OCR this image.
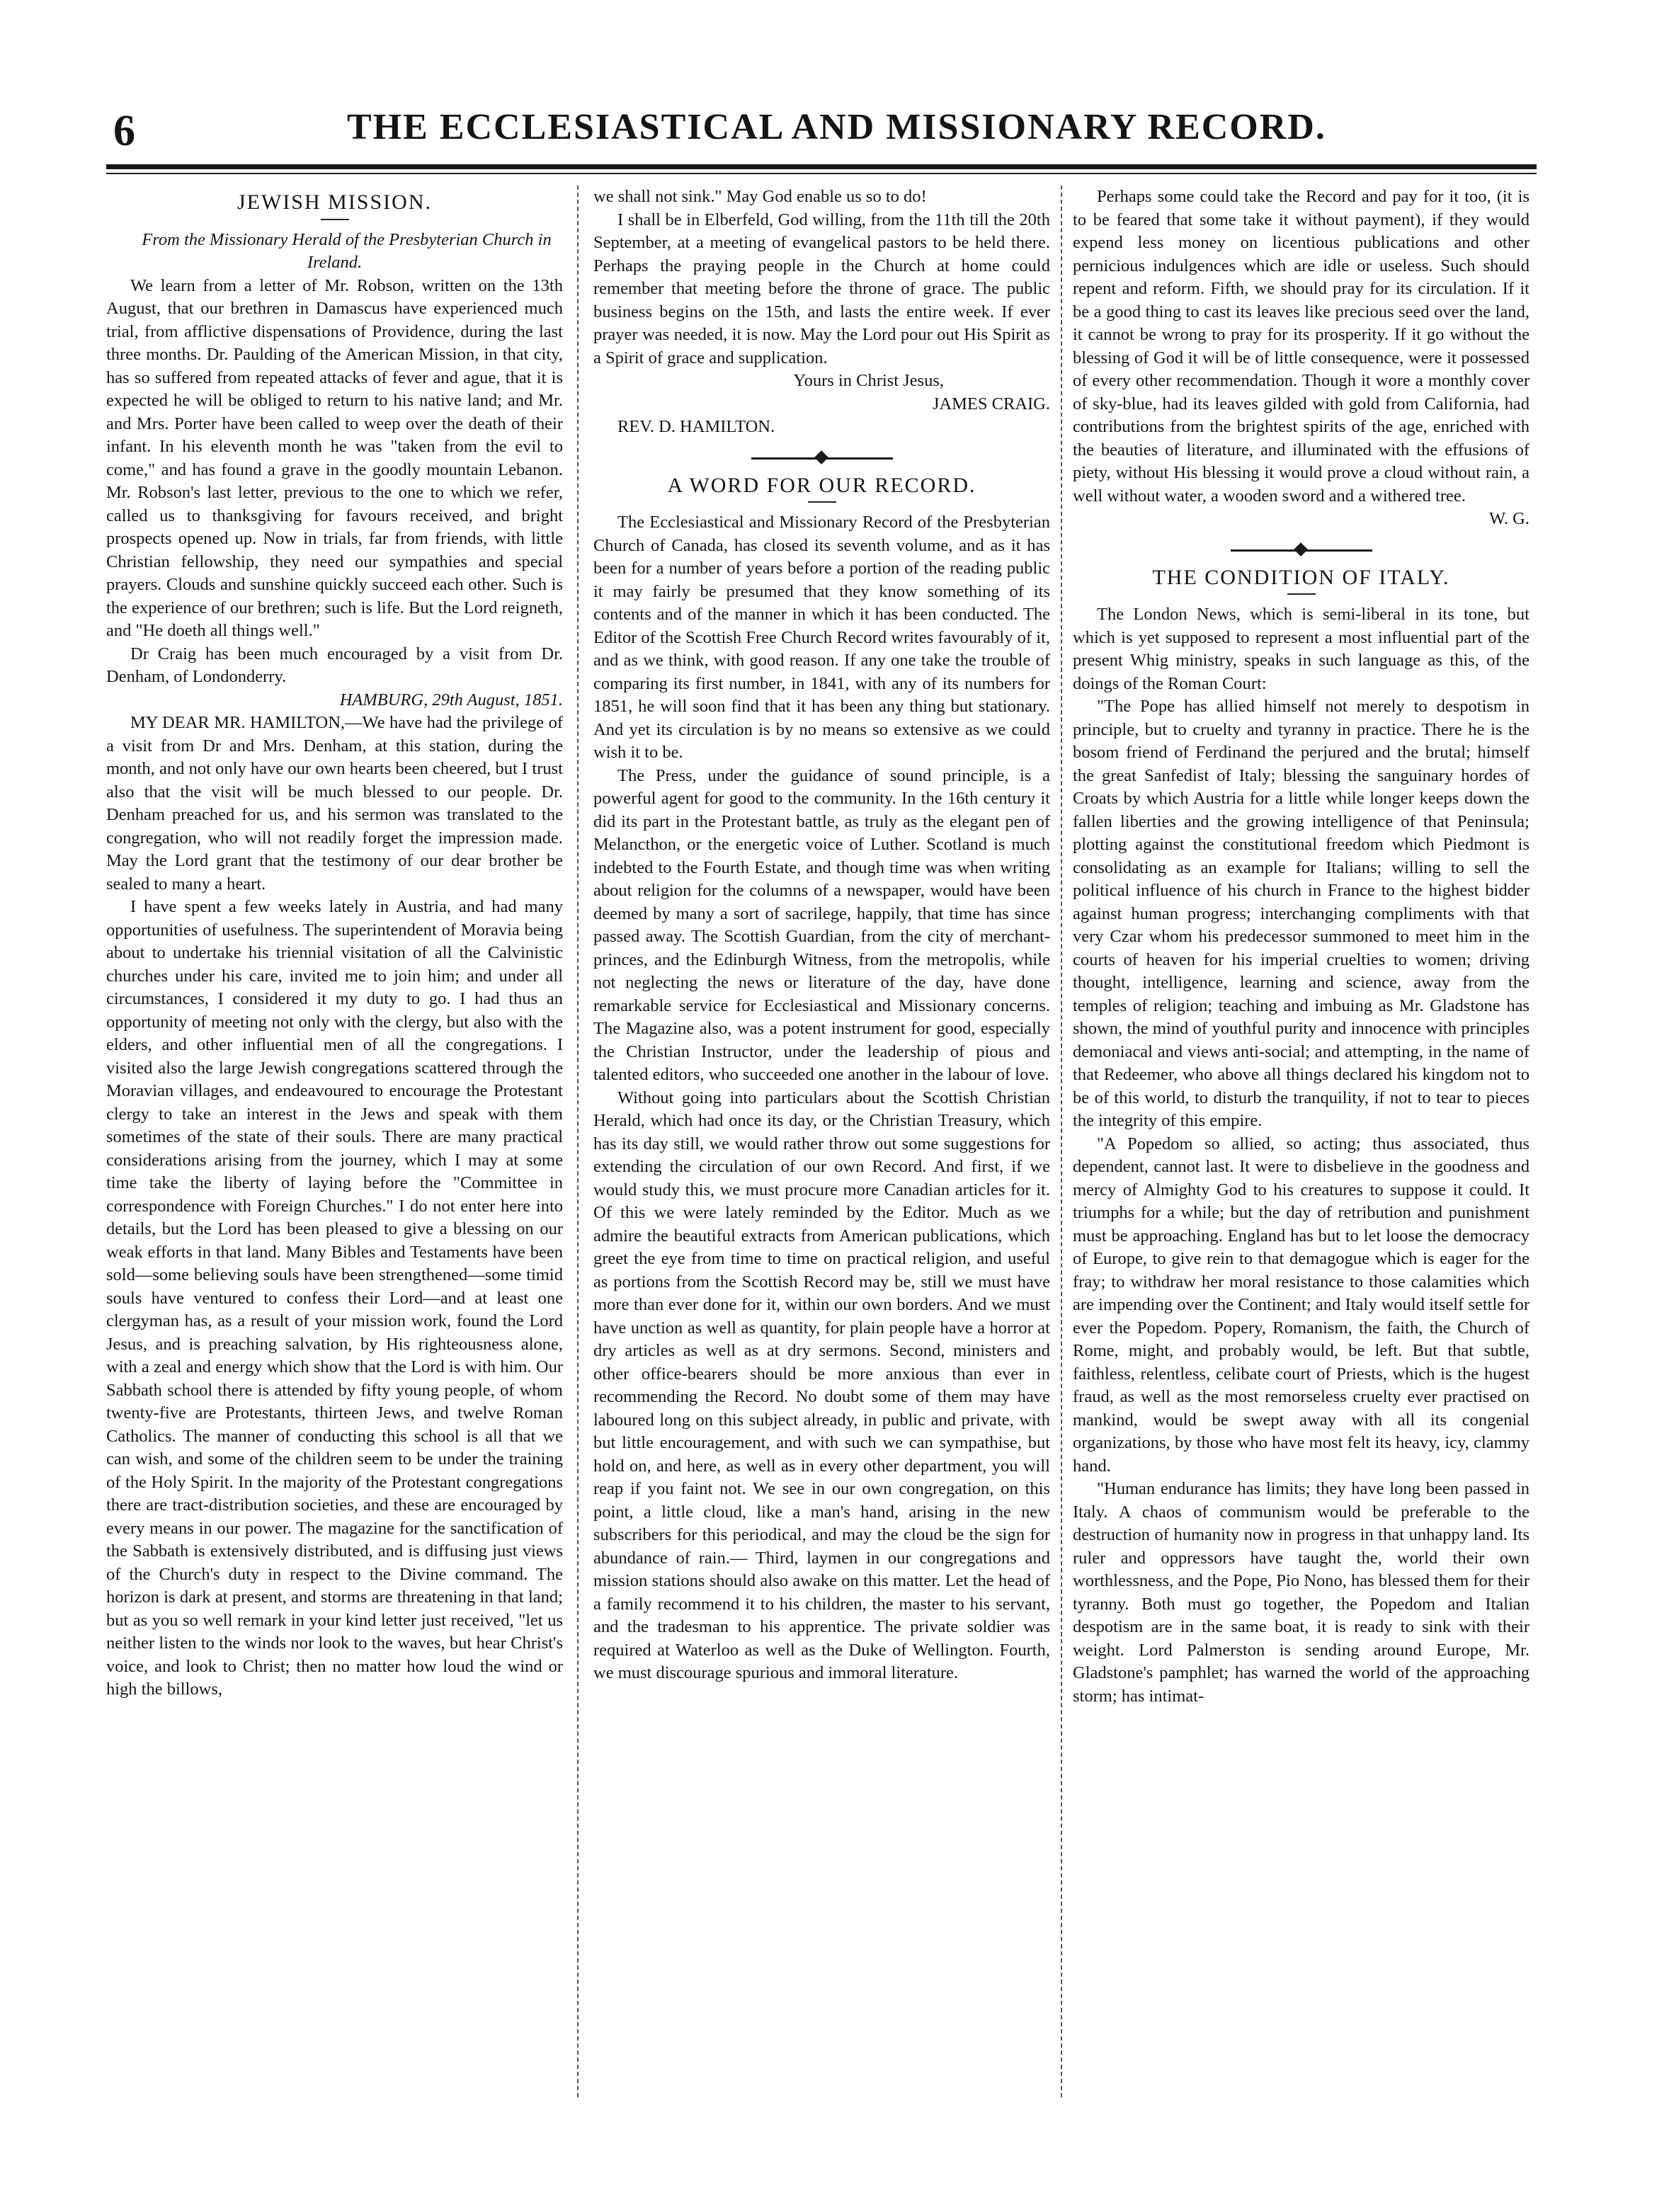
6	THE ECCLESIASTICAL AND MISSIONARY RECORD.
JEWISH MISSION.

From the Missionary Herald of the Presbyterian Church in Ireland.

We learn from a letter of Mr. Robson, written on the 13th August, that our brethren in Damascus have experienced much trial, from afflictive dispensations of Providence, during the last three months. Dr. Paulding of the American Mission, in that city, has so suffered from repeated attacks of fever and ague, that it is expected he will be obliged to return to his native land; and Mr. and Mrs. Porter have been called to weep over the death of their infant. In his eleventh month he was "taken from the evil to come," and has found a grave in the goodly mountain Lebanon. Mr. Robson's last letter, previous to the one to which we refer, called us to thanksgiving for favours received, and bright prospects opened up. Now in trials, far from friends, with little Christian fellowship, they need our sympathies and special prayers. Clouds and sunshine quickly succeed each other. Such is the experience of our brethren; such is life. But the Lord reigneth, and "He doeth all things well."

Dr Craig has been much encouraged by a visit from Dr. Denham, of Londonderry.

HAMBURG, 29th August, 1851.

MY DEAR MR. HAMILTON,—We have had the privilege of a visit from Dr and Mrs. Denham, at this station, during the month, and not only have our own hearts been cheered, but I trust also that the visit will be much blessed to our people. Dr. Denham preached for us, and his sermon was translated to the congregation, who will not readily forget the impression made. May the Lord grant that the testimony of our dear brother be sealed to many a heart.

I have spent a few weeks lately in Austria, and had many opportunities of usefulness. The superintendent of Moravia being about to undertake his triennial visitation of all the Calvinistic churches under his care, invited me to join him; and under all circumstances, I considered it my duty to go. I had thus an opportunity of meeting not only with the clergy, but also with the elders, and other influential men of all the congregations. I visited also the large Jewish congregations scattered through the Moravian villages, and endeavoured to encourage the Protestant clergy to take an interest in the Jews and speak with them sometimes of the state of their souls. There are many practical considerations arising from the journey, which I may at some time take the liberty of laying before the "Committee in correspondence with Foreign Churches." I do not enter here into details, but the Lord has been pleased to give a blessing on our weak efforts in that land. Many Bibles and Testaments have been sold—some believing souls have been strengthened—some timid souls have ventured to confess their Lord—and at least one clergyman has, as a result of your mission work, found the Lord Jesus, and is preaching salvation, by His righteousness alone, with a zeal and energy which show that the Lord is with him. Our Sabbath school there is attended by fifty young people, of whom twenty-five are Protestants, thirteen Jews, and twelve Roman Catholics. The manner of conducting this school is all that we can wish, and some of the children seem to be under the training of the Holy Spirit. In the majority of the Protestant congregations there are tract-distribution societies, and these are encouraged by every means in our power. The magazine for the sanctification of the Sabbath is extensively distributed, and is diffusing just views of the Church's duty in respect to the Divine command. The horizon is dark at present, and storms are threatening in that land; but as you so well remark in your kind letter just received, "let us neither listen to the winds nor look to the waves, but hear Christ's voice, and look to Christ; then no matter how loud the wind or high the billows,

we shall not sink." May God enable us so to do!

I shall be in Elberfeld, God willing, from the 11th till the 20th September, at a meeting of evangelical pastors to be held there. Perhaps the praying people in the Church at home could remember that meeting before the throne of grace. The public business begins on the 15th, and lasts the entire week. If ever prayer was needed, it is now. May the Lord pour out His Spirit as a Spirit of grace and supplication.

Yours in Christ Jesus,

JAMES CRAIG.

REV. D. HAMILTON.

A WORD FOR OUR RECORD.

The Ecclesiastical and Missionary Record of the Presbyterian Church of Canada, has closed its seventh volume, and as it has been for a number of years before a portion of the reading public it may fairly be presumed that they know something of its contents and of the manner in which it has been conducted. The Editor of the Scottish Free Church Record writes favourably of it, and as we think, with good reason. If any one take the trouble of comparing its first number, in 1841, with any of its numbers for 1851, he will soon find that it has been any thing but stationary. And yet its circulation is by no means so extensive as we could wish it to be.

The Press, under the guidance of sound principle, is a powerful agent for good to the community. In the 16th century it did its part in the Protestant battle, as truly as the elegant pen of Melancthon, or the energetic voice of Luther. Scotland is much indebted to the Fourth Estate, and though time was when writing about religion for the columns of a newspaper, would have been deemed by many a sort of sacrilege, happily, that time has since passed away. The Scottish Guardian, from the city of merchant-princes, and the Edinburgh Witness, from the metropolis, while not neglecting the news or literature of the day, have done remarkable service for Ecclesiastical and Missionary concerns. The Magazine also, was a potent instrument for good, especially the Christian Instructor, under the leadership of pious and talented editors, who succeeded one another in the labour of love.

Without going into particulars about the Scottish Christian Herald, which had once its day, or the Christian Treasury, which has its day still, we would rather throw out some suggestions for extending the circulation of our own Record. And first, if we would study this, we must procure more Canadian articles for it. Of this we were lately reminded by the Editor. Much as we admire the beautiful extracts from American publications, which greet the eye from time to time on practical religion, and useful as portions from the Scottish Record may be, still we must have more than ever done for it, within our own borders. And we must have unction as well as quantity, for plain people have a horror at dry articles as well as at dry sermons. Second, ministers and other office-bearers should be more anxious than ever in recommending the Record. No doubt some of them may have laboured long on this subject already, in public and private, with but little encouragement, and with such we can sympathise, but hold on, and here, as well as in every other department, you will reap if you faint not. We see in our own congregation, on this point, a little cloud, like a man's hand, arising in the new subscribers for this periodical, and may the cloud be the sign for abundance of rain.— Third, laymen in our congregations and mission stations should also awake on this matter. Let the head of a family recommend it to his children, the master to his servant, and the tradesman to his apprentice. The private soldier was required at Waterloo as well as the Duke of Wellington. Fourth, we must discourage spurious and immoral literature.

Perhaps some could take the Record and pay for it too, (it is to be feared that some take it without payment), if they would expend less money on licentious publications and other pernicious indulgences which are idle or useless. Such should repent and reform. Fifth, we should pray for its circulation. If it be a good thing to cast its leaves like precious seed over the land, it cannot be wrong to pray for its prosperity. If it go without the blessing of God it will be of little consequence, were it possessed of every other recommendation. Though it wore a monthly cover of sky-blue, had its leaves gilded with gold from California, had contributions from the brightest spirits of the age, enriched with the beauties of literature, and illuminated with the effusions of piety, without His blessing it would prove a cloud without rain, a well without water, a wooden sword and a withered tree.

W. G.

THE CONDITION OF ITALY.

The London News, which is semi-liberal in its tone, but which is yet supposed to represent a most influential part of the present Whig ministry, speaks in such language as this, of the doings of the Roman Court:

"The Pope has allied himself not merely to despotism in principle, but to cruelty and tyranny in practice. There he is the bosom friend of Ferdinand the perjured and the brutal; himself the great Sanfedist of Italy; blessing the sanguinary hordes of Croats by which Austria for a little while longer keeps down the fallen liberties and the growing intelligence of that Peninsula; plotting against the constitutional freedom which Piedmont is consolidating as an example for Italians; willing to sell the political influence of his church in France to the highest bidder against human progress; interchanging compliments with that very Czar whom his predecessor summoned to meet him in the courts of heaven for his imperial cruelties to women; driving thought, intelligence, learning and science, away from the temples of religion; teaching and imbuing as Mr. Gladstone has shown, the mind of youthful purity and innocence with principles demoniacal and views anti-social; and attempting, in the name of that Redeemer, who above all things declared his kingdom not to be of this world, to disturb the tranquility, if not to tear to pieces the integrity of this empire.

"A Popedom so allied, so acting; thus associated, thus dependent, cannot last. It were to disbelieve in the goodness and mercy of Almighty God to his creatures to suppose it could. It triumphs for a while; but the day of retribution and punishment must be approaching. England has but to let loose the democracy of Europe, to give rein to that demagogue which is eager for the fray; to withdraw her moral resistance to those calamities which are impending over the Continent; and Italy would itself settle for ever the Popedom. Popery, Romanism, the faith, the Church of Rome, might, and probably would, be left. But that subtle, faithless, relentless, celibate court of Priests, which is the hugest fraud, as well as the most remorseless cruelty ever practised on mankind, would be swept away with all its congenial organizations, by those who have most felt its heavy, icy, clammy hand.

"Human endurance has limits; they have long been passed in Italy. A chaos of communism would be preferable to the destruction of humanity now in progress in that unhappy land. Its ruler and oppressors have taught the, world their own worthlessness, and the Pope, Pio Nono, has blessed them for their tyranny. Both must go together, the Popedom and Italian despotism are in the same boat, it is ready to sink with their weight. Lord Palmerston is sending around Europe, Mr. Gladstone's pamphlet; has warned the world of the approaching storm; has intimat-
